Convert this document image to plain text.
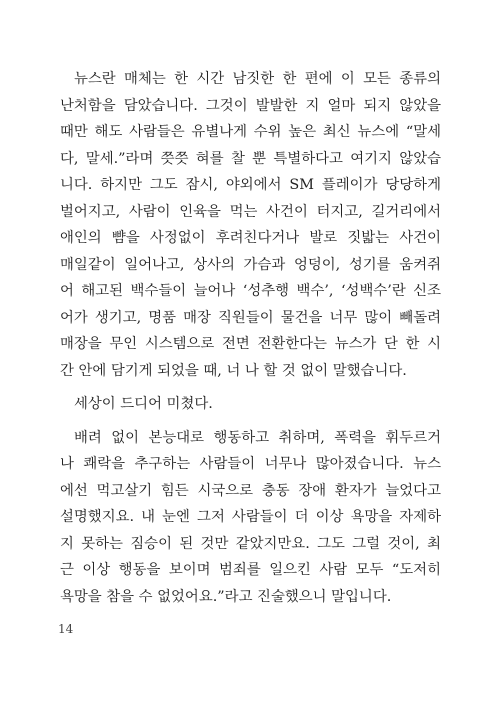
뉴스란 매체는 한 시간 남짓한 한 편에 이 모든 종류의
난처함을 담았습니다. 그것이 발발한 지 얼마 되지 않았을
때만 해도 사람들은 유별나게 수위 높은 최신 뉴스에 “말세
다, 말세.”라며 쯧쯧 혀를 찰 뿐 특별하다고 여기지 않았습
니다. 하지만 그도 잠시, 야외에서 SM 플레이가 당당하게
벌어지고, 사람이 인육을 먹는 사건이 터지고, 길거리에서
애인의 뺨을 사정없이 후려친다거나 발로 짓밟는 사건이
매일같이 일어나고, 상사의 가슴과 엉덩이, 성기를 움켜쥐
어 해고된 백수들이 늘어나 ‘성추행 백수’, ‘성백수’란 신조
어가 생기고, 명품 매장 직원들이 물건을 너무 많이 빼돌려
매장을 무인 시스템으로 전면 전환한다는 뉴스가 단 한 시
간 안에 담기게 되었을 때, 너 나 할 것 없이 말했습니다.
세상이 드디어 미쳤다.
배려 없이 본능대로 행동하고 취하며, 폭력을 휘두르거
나 쾌락을 추구하는 사람들이 너무나 많아졌습니다. 뉴스
에선 먹고살기 힘든 시국으로 충동 장애 환자가 늘었다고
설명했지요. 내 눈엔 그저 사람들이 더 이상 욕망을 자제하
지 못하는 짐승이 된 것만 같았지만요. 그도 그럴 것이, 최
근 이상 행동을 보이며 범죄를 일으킨 사람 모두 “도저히
욕망을 참을 수 없었어요.”라고 진술했으니 말입니다.
14
